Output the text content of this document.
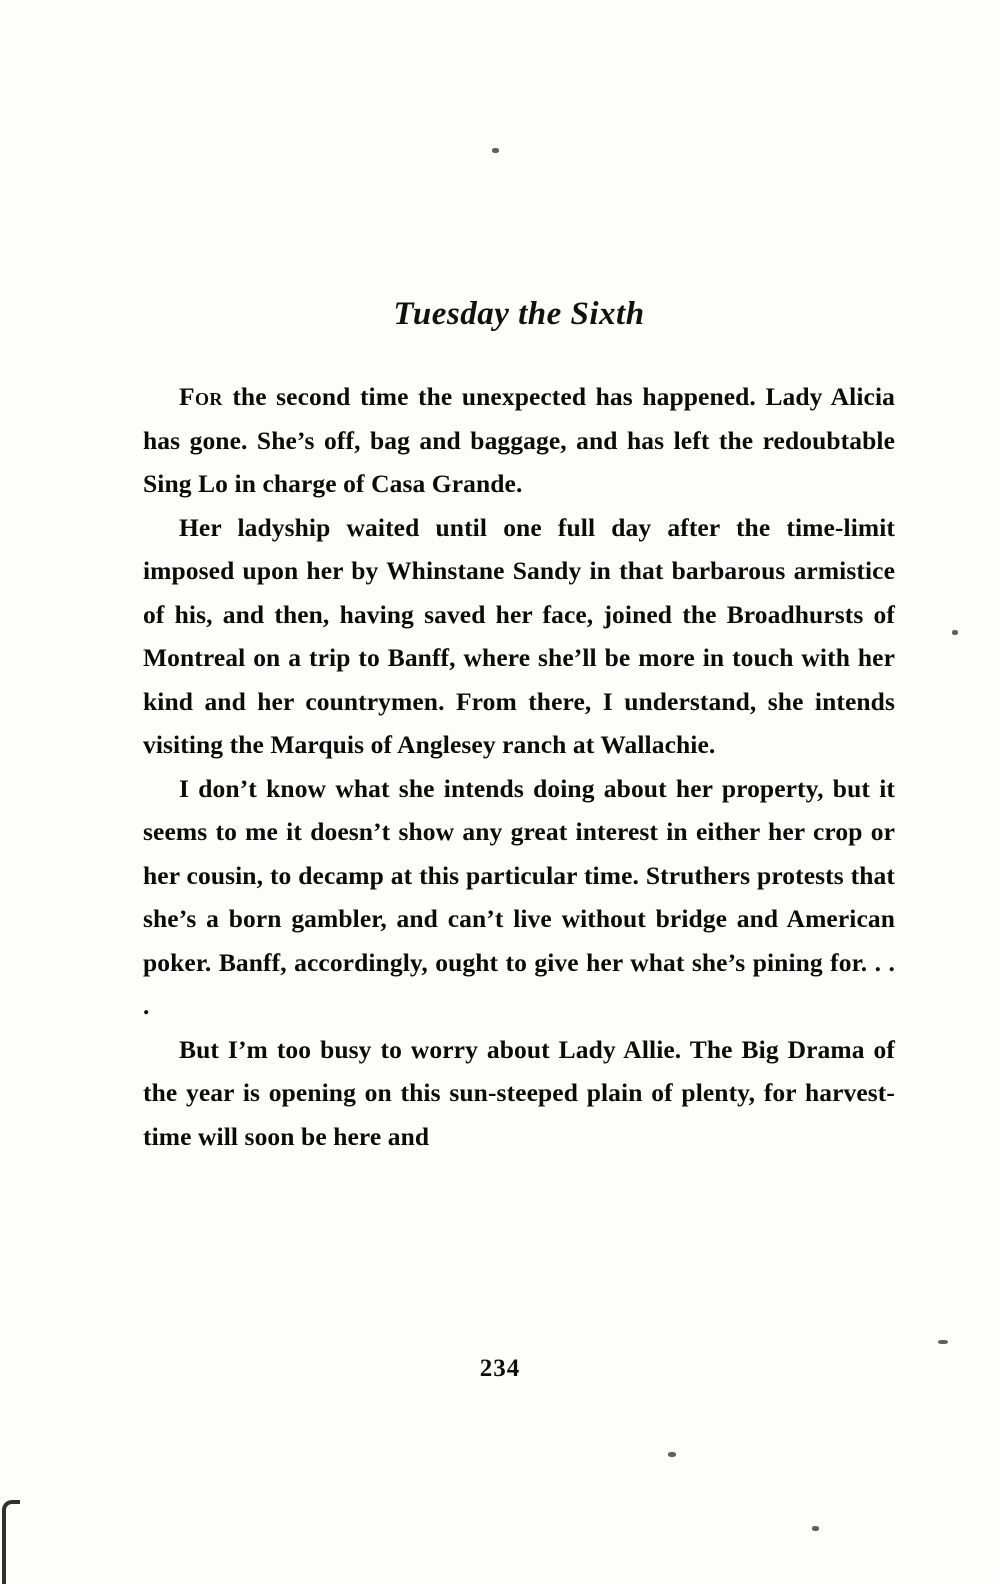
Tuesday the Sixth

For the second time the unexpected has happened. Lady Alicia has gone. She’s off, bag and baggage, and has left the redoubtable Sing Lo in charge of Casa Grande.

Her ladyship waited until one full day after the time-limit imposed upon her by Whinstane Sandy in that barbarous armistice of his, and then, having saved her face, joined the Broadhursts of Montreal on a trip to Banff, where she’ll be more in touch with her kind and her countrymen. From there, I understand, she intends visiting the Marquis of Anglesey ranch at Wallachie.

I don’t know what she intends doing about her property, but it seems to me it doesn’t show any great interest in either her crop or her cousin, to decamp at this particular time. Struthers protests that she’s a born gambler, and can’t live without bridge and American poker. Banff, accordingly, ought to give her what she’s pining for. . . .

But I’m too busy to worry about Lady Allie. The Big Drama of the year is opening on this sun-steeped plain of plenty, for harvest-time will soon be here and

234
